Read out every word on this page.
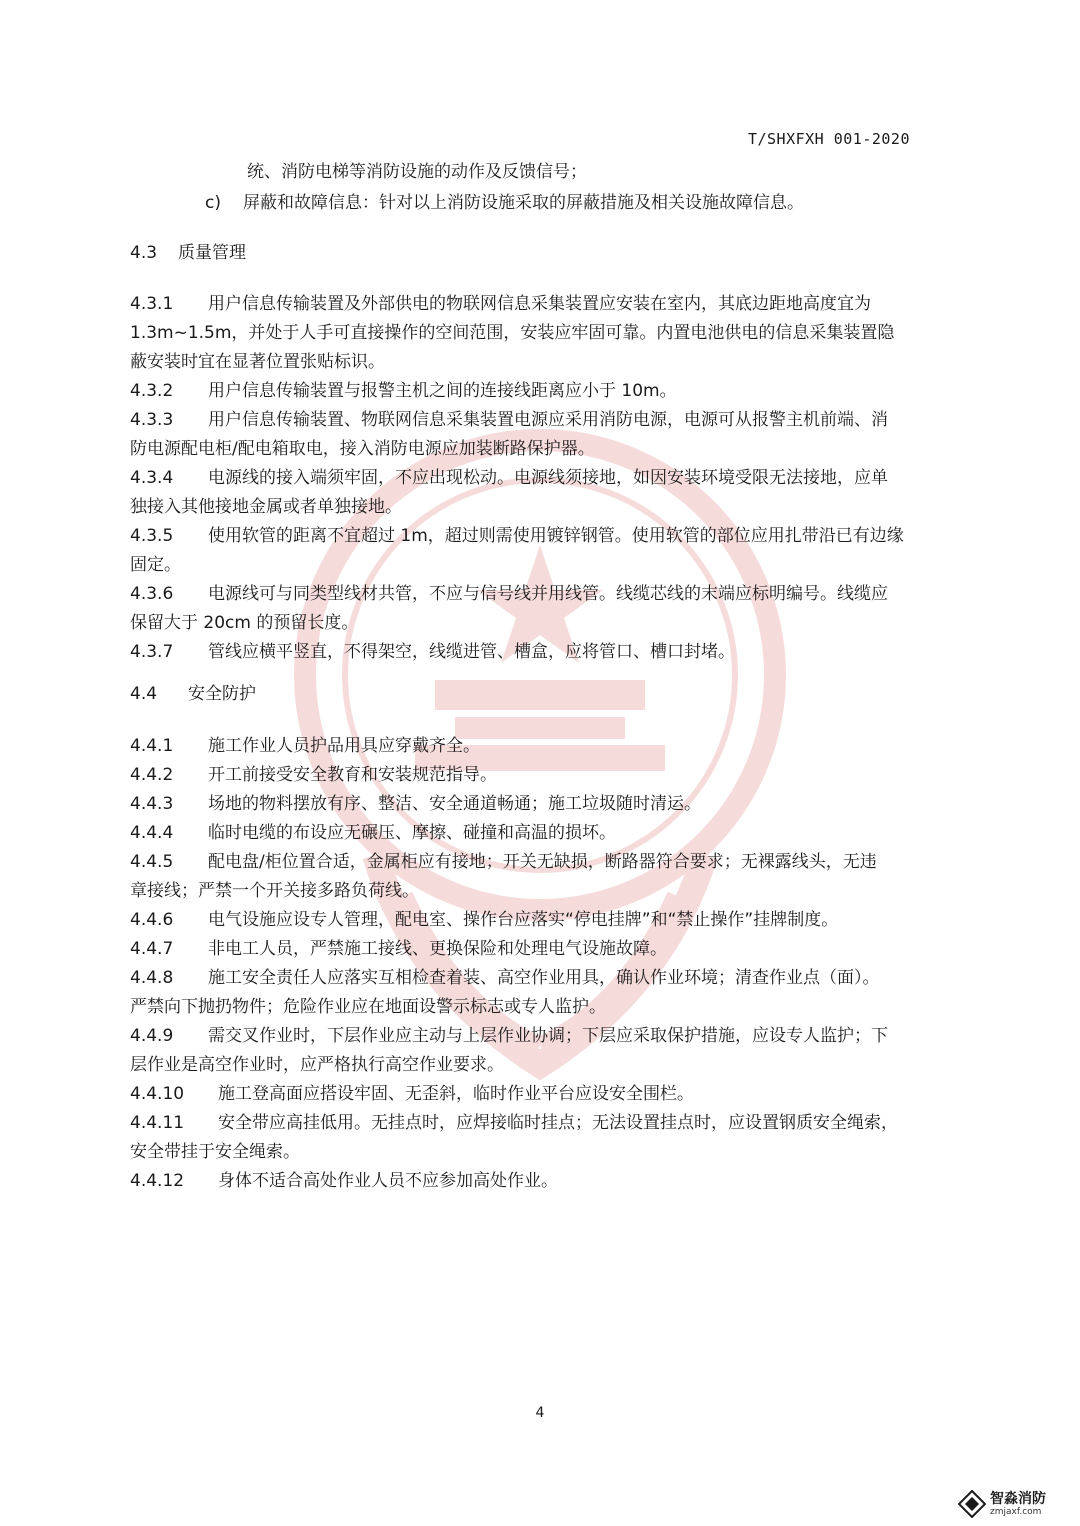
T/SHXFXH 001-2020
统、消防电梯等消防设施的动作及反馈信号；
c) 屏蔽和故障信息：针对以上消防设施采取的屏蔽措施及相关设施故障信息。
4.3 质量管理
4.3.1 用户信息传输装置及外部供电的物联网信息采集装置应安装在室内，其底边距地高度宜为
1.3m~1.5m，并处于人手可直接操作的空间范围，安装应牢固可靠。内置电池供电的信息采集装置隐
蔽安装时宜在显著位置张贴标识。
4.3.2 用户信息传输装置与报警主机之间的连接线距离应小于 10m。
4.3.3 用户信息传输装置、物联网信息采集装置电源应采用消防电源，电源可从报警主机前端、消
防电源配电柜/配电箱取电，接入消防电源应加装断路保护器。
4.3.4 电源线的接入端须牢固，不应出现松动。电源线须接地，如因安装环境受限无法接地，应单
独接入其他接地金属或者单独接地。
4.3.5 使用软管的距离不宜超过 1m，超过则需使用镀锌钢管。使用软管的部位应用扎带沿已有边缘
固定。
4.3.6 电源线可与同类型线材共管，不应与信号线并用线管。线缆芯线的末端应标明编号。线缆应
保留大于 20cm 的预留长度。
4.3.7 管线应横平竖直，不得架空，线缆进管、槽盒，应将管口、槽口封堵。
4.4 安全防护
4.4.1 施工作业人员护品用具应穿戴齐全。
4.4.2 开工前接受安全教育和安装规范指导。
4.4.3 场地的物料摆放有序、整洁、安全通道畅通；施工垃圾随时清运。
4.4.4 临时电缆的布设应无碾压、摩擦、碰撞和高温的损坏。
4.4.5 配电盘/柜位置合适，金属柜应有接地；开关无缺损，断路器符合要求；无裸露线头，无违
章接线；严禁一个开关接多路负荷线。
4.4.6 电气设施应设专人管理，配电室、操作台应落实“停电挂牌”和“禁止操作”挂牌制度。
4.4.7 非电工人员，严禁施工接线、更换保险和处理电气设施故障。
4.4.8 施工安全责任人应落实互相检查着装、高空作业用具，确认作业环境；清查作业点（面）。
严禁向下抛扔物件；危险作业应在地面设警示标志或专人监护。
4.4.9 需交叉作业时，下层作业应主动与上层作业协调；下层应采取保护措施，应设专人监护；下
层作业是高空作业时，应严格执行高空作业要求。
4.4.10 施工登高面应搭设牢固、无歪斜，临时作业平台应设安全围栏。
4.4.11 安全带应高挂低用。无挂点时，应焊接临时挂点；无法设置挂点时，应设置钢质安全绳索，
安全带挂于安全绳索。
4.4.12 身体不适合高处作业人员不应参加高处作业。
4
智淼消防
zmjaxf.com
